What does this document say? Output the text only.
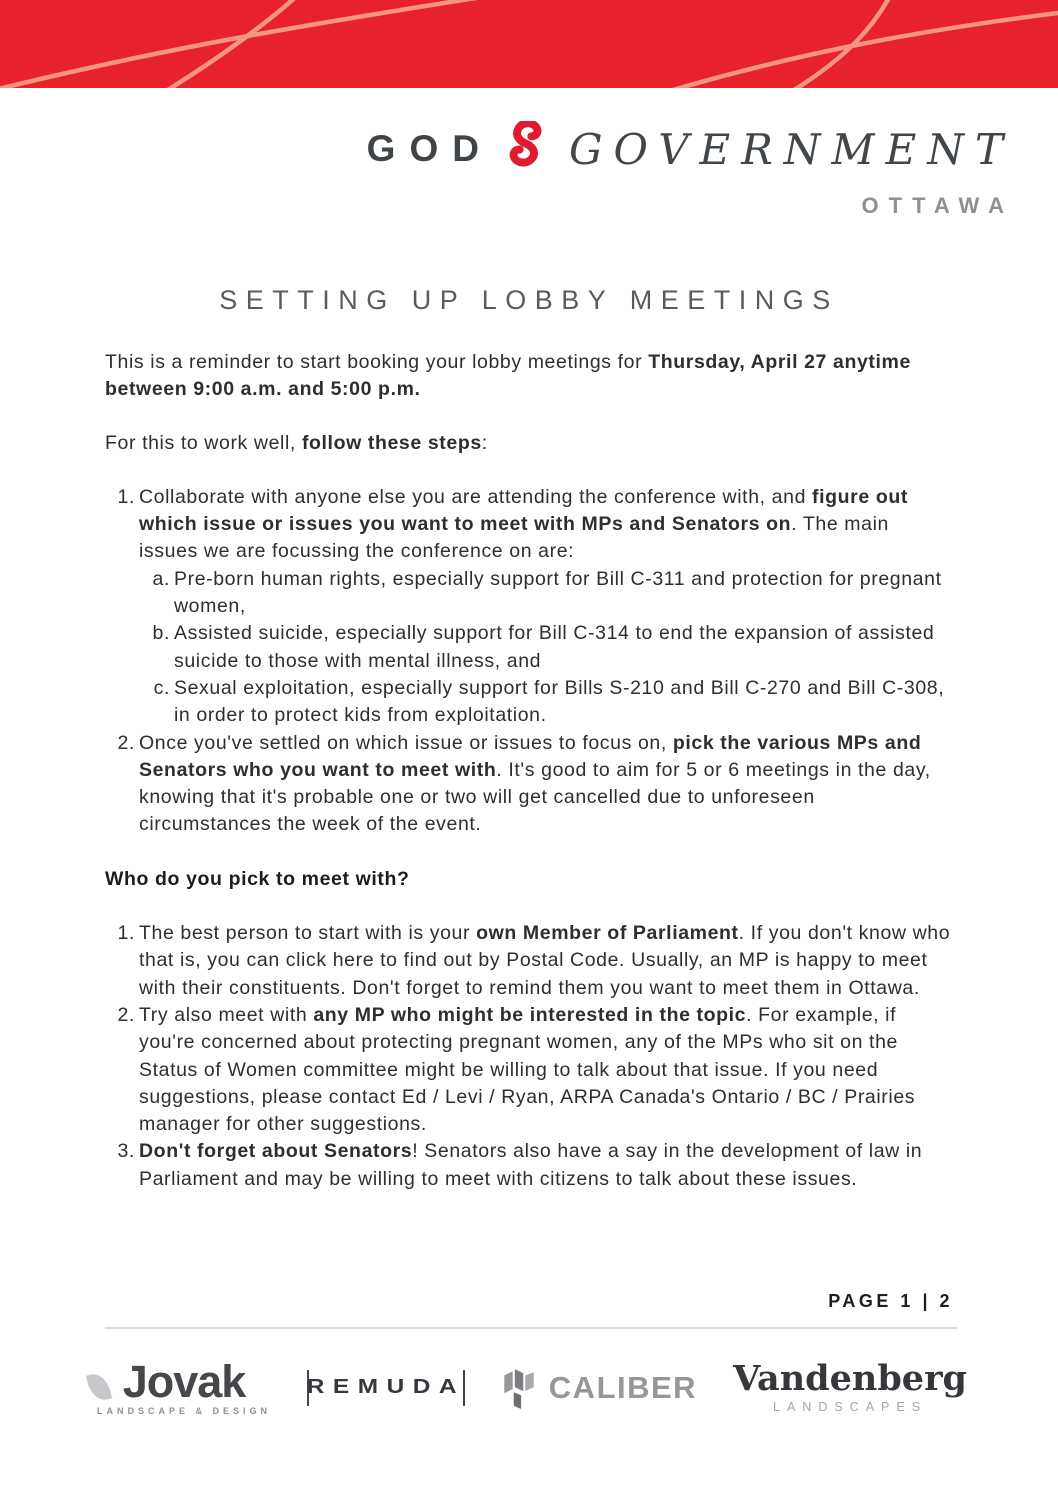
GOD GOVERNMENT
OTTAWA
SETTING UP LOBBY MEETINGS

This is a reminder to start booking your lobby meetings for Thursday, April 27 anytime between 9:00 a.m. and 5:00 p.m.

For this to work well, follow these steps:

Collaborate with anyone else you are attending the conference with, and figure out which issue or issues you want to meet with MPs and Senators on. The main issues we are focussing the conference on are:
Pre-born human rights, especially support for Bill C-311 and protection for pregnant women,
Assisted suicide, especially support for Bill C-314 to end the expansion of assisted suicide to those with mental illness, and
Sexual exploitation, especially support for Bills S-210 and Bill C-270 and Bill C-308, in order to protect kids from exploitation.
Once you've settled on which issue or issues to focus on, pick the various MPs and Senators who you want to meet with. It's good to aim for 5 or 6 meetings in the day, knowing that it's probable one or two will get cancelled due to unforeseen circumstances the week of the event.
Who do you pick to meet with?
The best person to start with is your own Member of Parliament. If you don't know who that is, you can click here to find out by Postal Code. Usually, an MP is happy to meet with their constituents. Don't forget to remind them you want to meet them in Ottawa.
Try also meet with any MP who might be interested in the topic. For example, if you're concerned about protecting pregnant women, any of the MPs who sit on the Status of Women committee might be willing to talk about that issue. If you need suggestions, please contact Ed / Levi / Ryan, ARPA Canada's Ontario / BC / Prairies manager for other suggestions.
Don't forget about Senators! Senators also have a say in the development of law in Parliament and may be willing to meet with citizens to talk about these issues.
PAGE 1 | 2
Jovak
LANDSCAPE & DESIGN
REMUDA	CALIBER Vandenberg
LANDSCAPES
